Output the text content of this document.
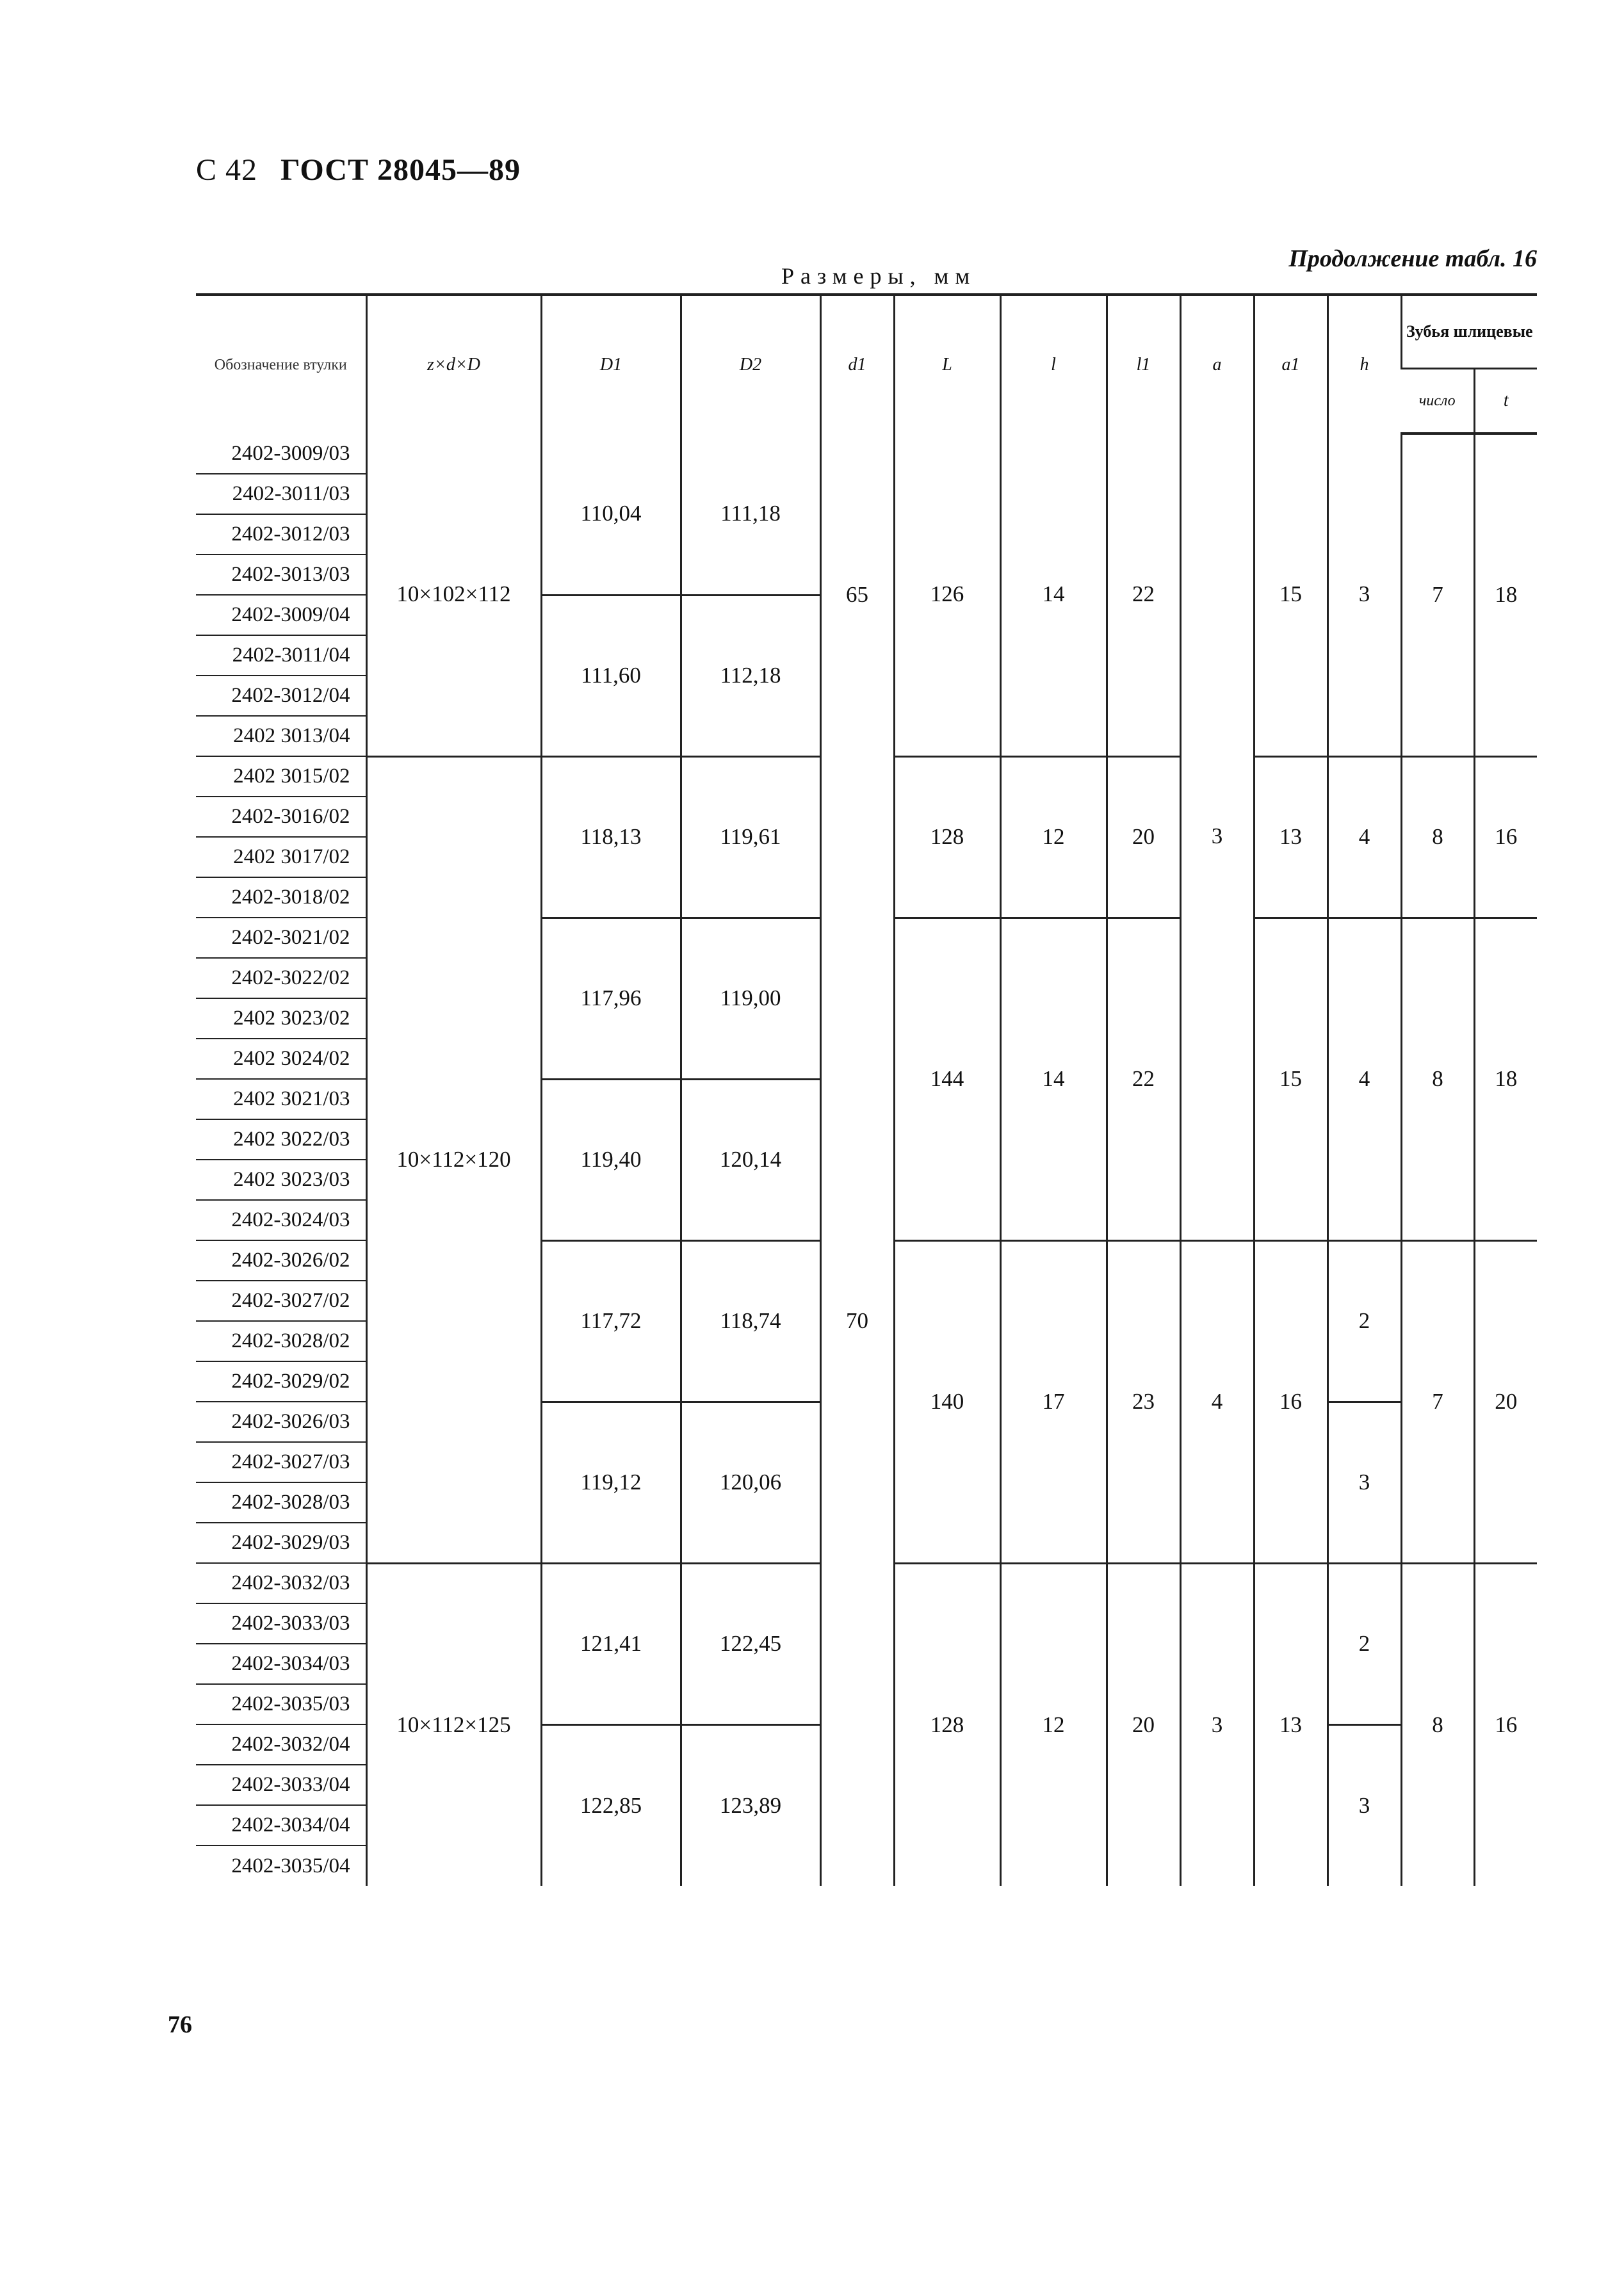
С 42 ГОСТ 28045—89
Продолжение табл. 16
Размеры, мм
Обозначение втулки	z×d×D	D1	D2	d1	L	l	l1	a	a1	h	Зубья шлицевые	
											число	t
2402-3009/03	10×102×112	110,04	111,18	65	126	14	22	3	15	3	7	18
2402-3011/03												
2402-3012/03												
2402-3013/03												
2402-3009/04		111,60	112,18									
2402-3011/04												
2402-3012/04												
2402 3013/04												
2402 3015/02	10×112×120	118,13	119,61	70	128	12	20		13	4	8	16
2402-3016/02												
2402 3017/02												
2402-3018/02												
2402-3021/02		117,96	119,00		144	14	22		15	4	8	18
2402-3022/02												
2402 3023/02												
2402 3024/02												
2402 3021/03		119,40	120,14									
2402 3022/03												
2402 3023/03												
2402-3024/03												
2402-3026/02		117,72	118,74		140	17	23	4	16	2	7	20
2402-3027/02												
2402-3028/02												
2402-3029/02												
2402-3026/03		119,12	120,06							3		
2402-3027/03												
2402-3028/03												
2402-3029/03												
2402-3032/03	10×112×125	121,41	122,45		128	12	20	3	13	2	8	16
2402-3033/03												
2402-3034/03												
2402-3035/03												
2402-3032/04		122,85	123,89							3		
2402-3033/04												
2402-3034/04												
2402-3035/04												
76
